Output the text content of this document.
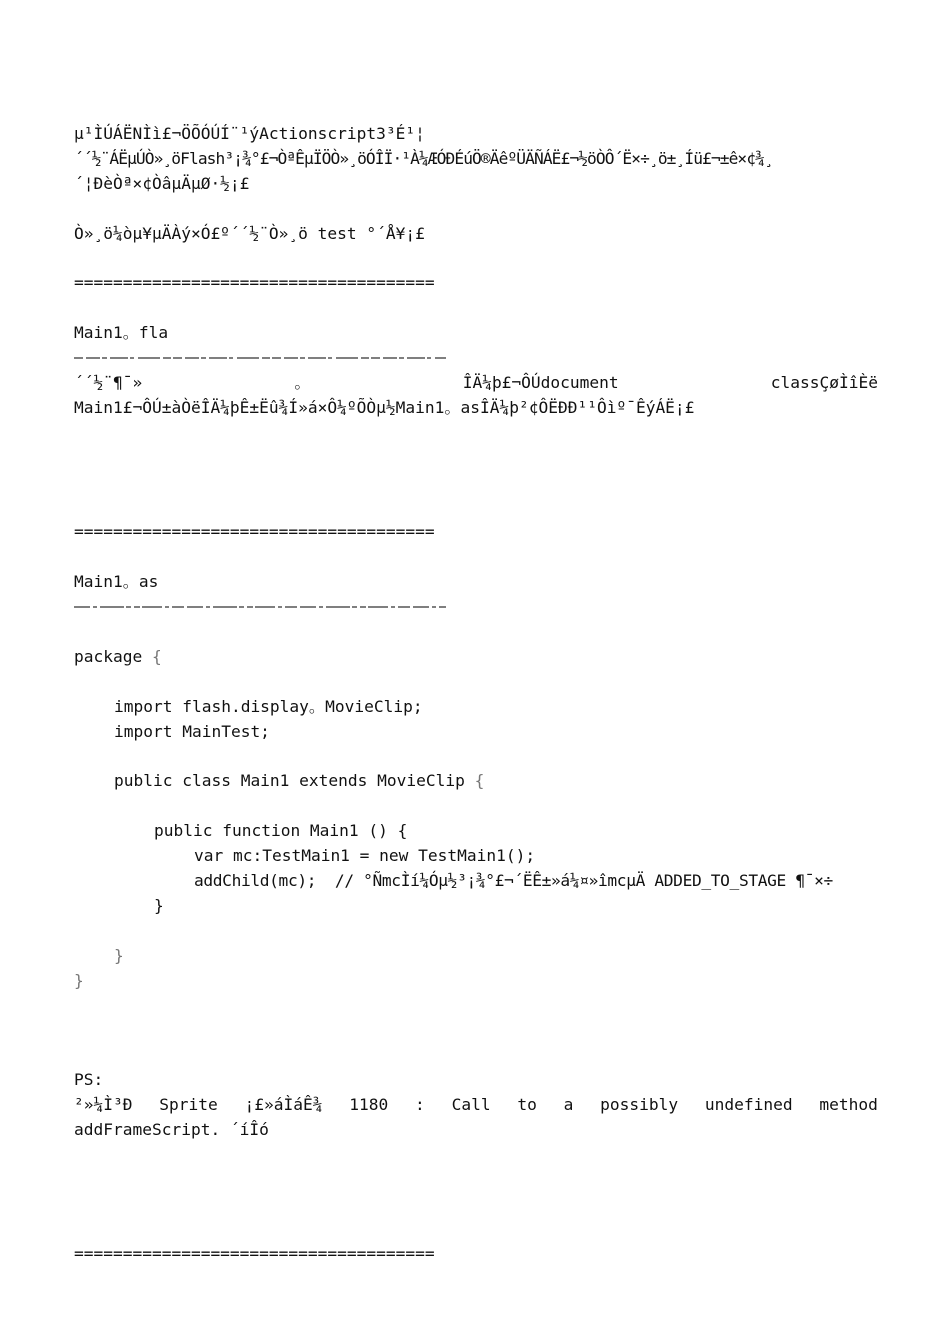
µ¹ÌÚÁËNÌì£¬ÖÕÓÚÍ¨¹ýActionscript3³É¹¦
´´½¨ÁËµÚÒ»¸öFlash³¡¾°£¬ÒªÊµÏÖÒ»¸öÓÎÏ·¹À¼ÆÓÐÉúÖ®ÄêºÜÄÑÁË£¬½öÒÔ´Ë×÷¸ö±¸Íü£¬±ê×¢¾¸
´¦ÐèÒª×¢ÒâµÄµØ·½¡£
Ò»¸ö¼òµ¥µÄÀý×Ó£º´´½¨Ò»¸ö test °´Å¥¡£
=====================================
Main1。fla
´´½¨¶¯»	。	ÎÄ¼þ£¬ÔÚdocument	classÇøÌîÈë
Main1£¬ÔÚ±àÒëÎÄ¼þÊ±Ëû¾Í»á×Ô¼ºÕÒµ½Main1。asÎÄ¼þ²¢ÔËÐÐ¹¹Ôìº¯ÊýÁË¡£
=====================================
Main1。as
package {
import flash.display。MovieClip;
import MainTest;
public class Main1 extends MovieClip {
public function Main1 () {
var mc:TestMain1 = new TestMain1();
addChild(mc);  // °ÑmcÌí¼Óµ½³¡¾°£¬´ËÊ±»á¼¤»îmcµÄ ADDED_TO_STAGE ¶¯×÷
}
}
}
PS:
²»¼Ì³Ð Sprite ¡£»áÌáÊ¾ 1180 : Call to a possibly undefined method
addFrameScript. ´íÎó
=====================================
